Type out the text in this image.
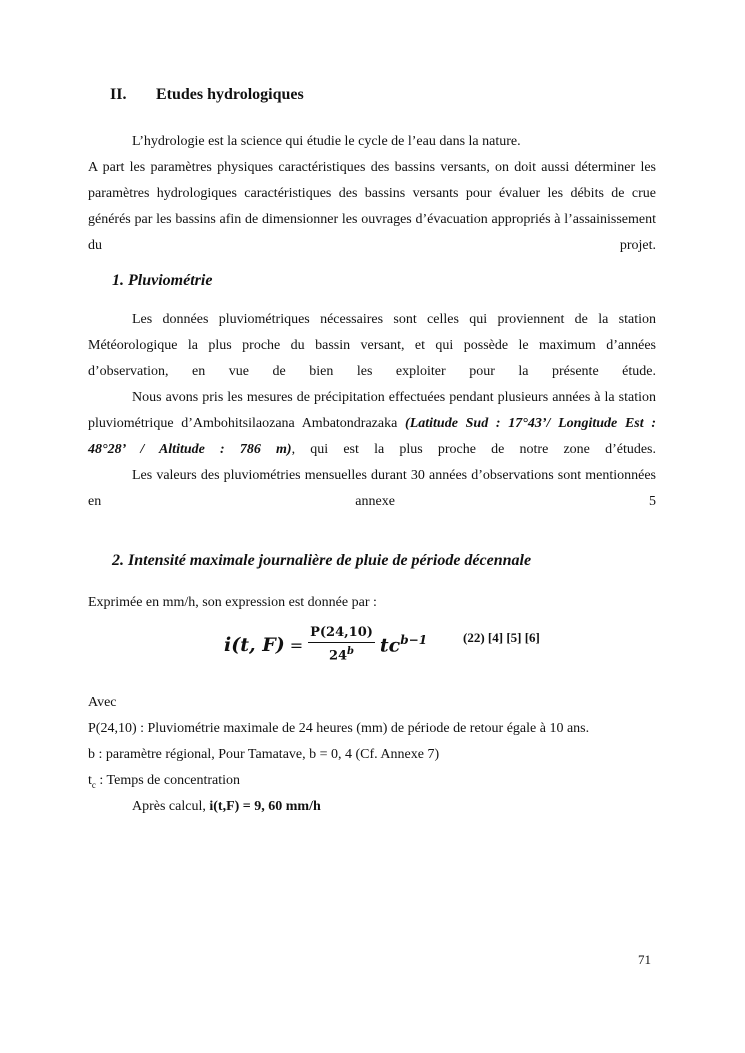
II. Etudes hydrologiques

L’hydrologie est la science qui étudie le cycle de l’eau dans la nature.

A part les paramètres physiques caractéristiques des bassins versants, on doit aussi déterminer les paramètres hydrologiques caractéristiques des bassins versants pour évaluer les débits de crue générés par les bassins afin de dimensionner les ouvrages d’évacuation appropriés à l’assainissement du projet.

1. Pluviométrie

Les données pluviométriques nécessaires sont celles qui proviennent de la station Météorologique la plus proche du bassin versant, et qui possède le maximum d’années d’observation, en vue de bien les exploiter pour la présente étude.

Nous avons pris les mesures de précipitation effectuées pendant plusieurs années à la station pluviométrique d’Ambohitsilaozana Ambatondrazaka (Latitude Sud : 17°43’/ Longitude Est : 48°28’ / Altitude : 786 m), qui est la plus proche de notre zone d’études.

Les valeurs des pluviométries mensuelles durant 30 années d’observations sont mentionnées en annexe 5

2. Intensité maximale journalière de pluie de période décennale

Exprimée en mm/h, son expression est donnée par :

i(t, $F) = \frac{P(24,10)}{24^b} tc^{b-1}$	(22) [4] [5] [6]

Avec

P(24,10) : Pluviométrie maximale de 24 heures (mm) de période de retour égale à 10 ans.

b : paramètre régional, Pour Tamatave, b = 0, 4 (Cf. Annexe 7)

$t_c$ : Temps de concentration

Après calcul, i(t,F) = 9, 60 mm/h

71
